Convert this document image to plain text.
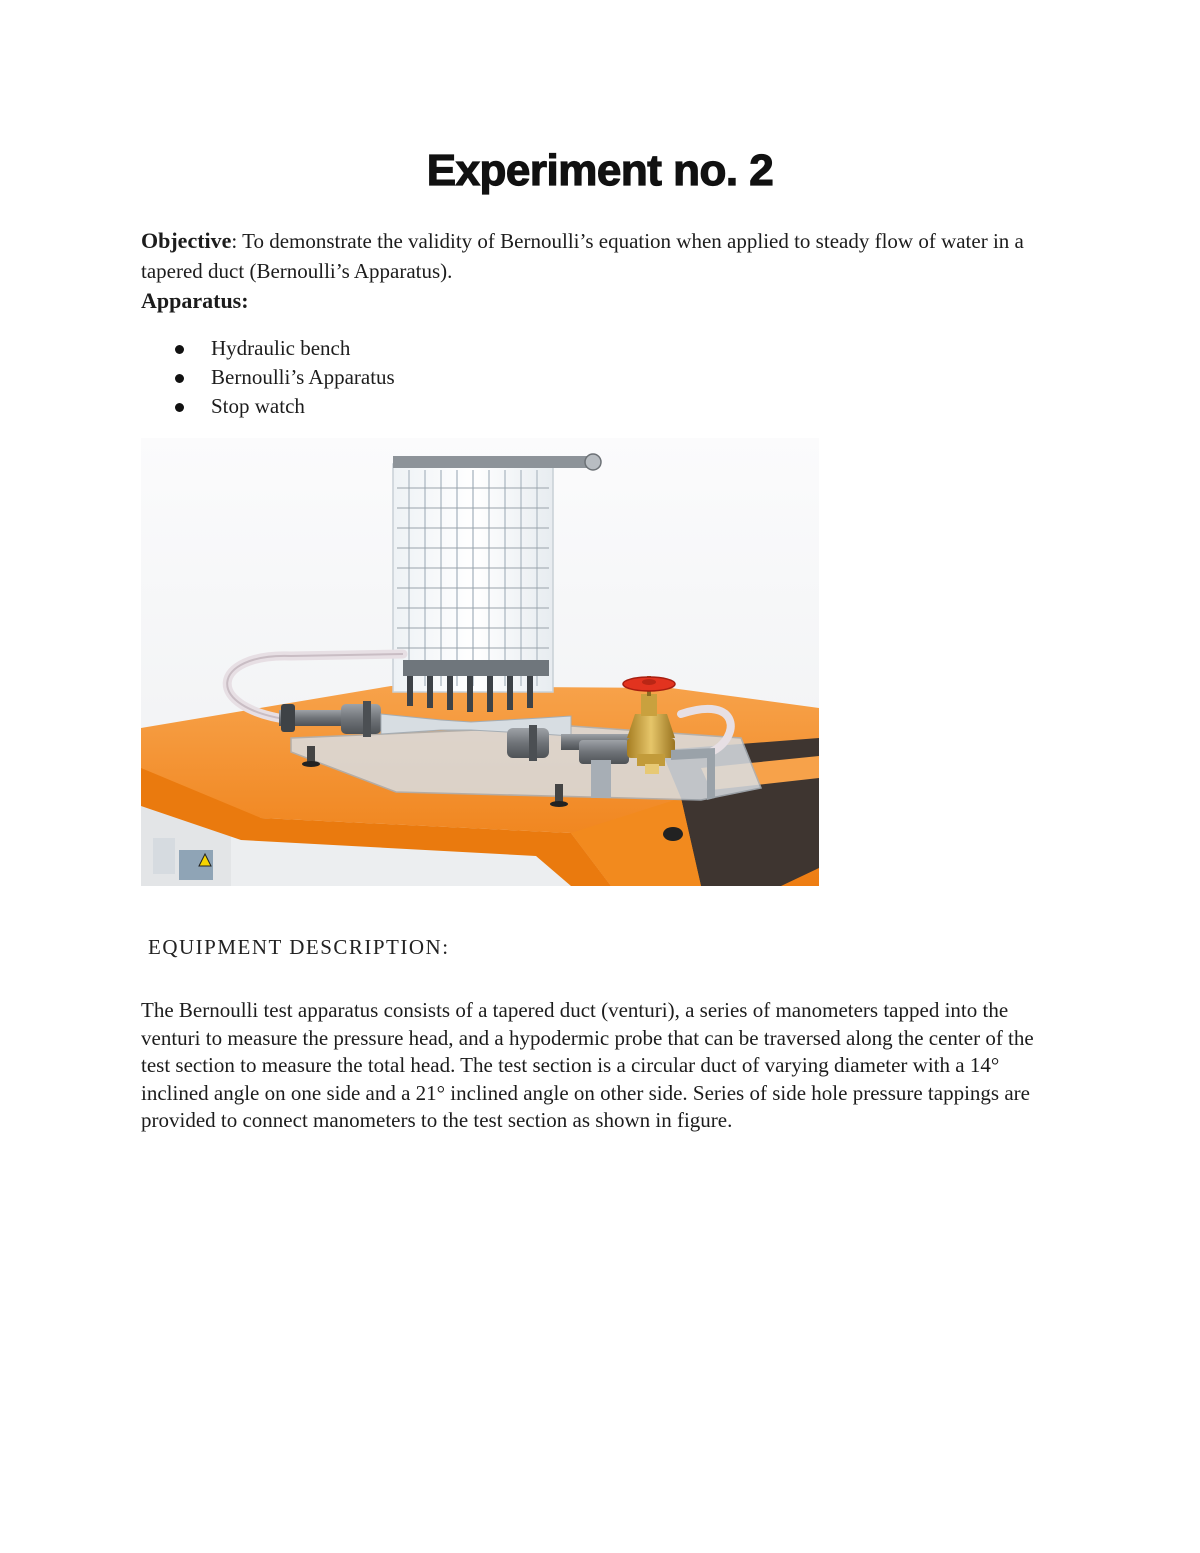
Experiment no. 2
Objective: To demonstrate the validity of Bernoulli’s equation when applied to steady flow of water in a tapered duct (Bernoulli’s Apparatus).
Apparatus:
Hydraulic bench
Bernoulli’s Apparatus
Stop watch
EQUIPMENT DESCRIPTION:
The Bernoulli test apparatus consists of a tapered duct (venturi), a series of manometers tapped into the venturi to measure the pressure head, and a hypodermic probe that can be traversed along the center of the test section to measure the total head. The test section is a circular duct of varying diameter with a 14° inclined angle on one side and a 21° inclined angle on other side. Series of side hole pressure tappings are provided to connect manometers to the test section as shown in figure.
